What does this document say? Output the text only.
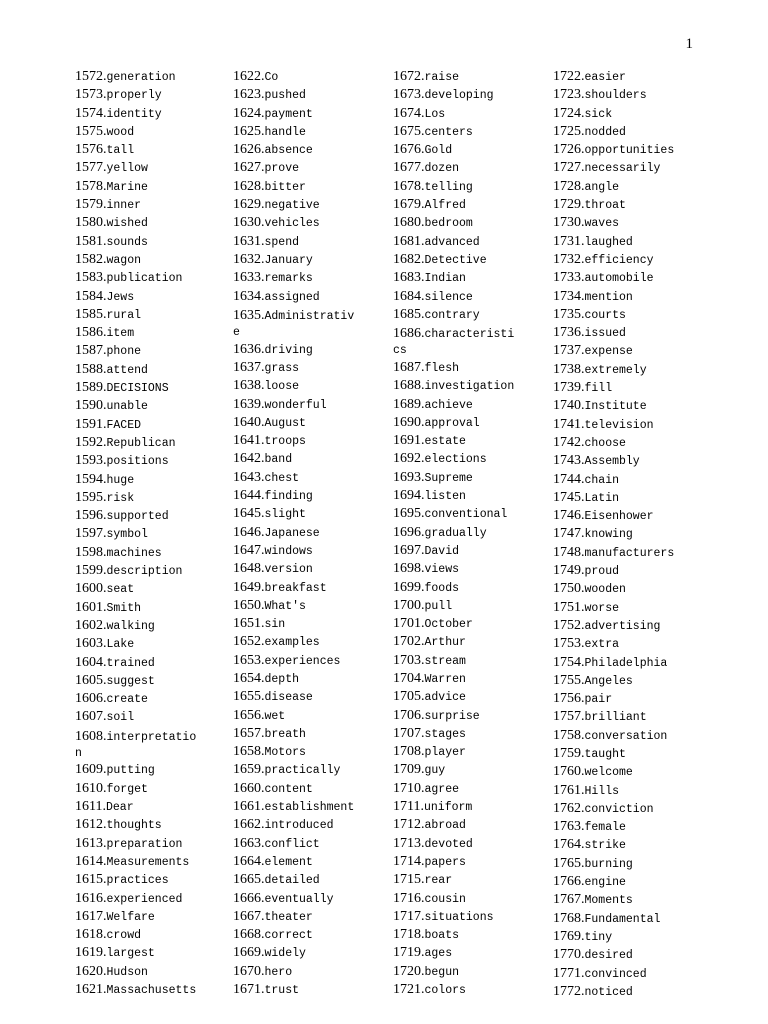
1
1572. generation
1573. properly
1574. identity
1575. wood
1576. tall
1577. yellow
1578. Marine
1579. inner
1580. wished
1581. sounds
1582. wagon
1583. publication
1584. Jews
1585. rural
1586. item
1587. phone
1588. attend
1589. DECISIONS
1590. unable
1591. FACED
1592. Republican
1593. positions
1594. huge
1595. risk
1596. supported
1597. symbol
1598. machines
1599. description
1600. seat
1601. Smith
1602. walking
1603. Lake
1604. trained
1605. suggest
1606. create
1607. soil
1608.interpretatio
n
1609. putting
1610. forget
1611. Dear
1612. thoughts
1613. preparation
1614. Measurements
1615. practices
1616. experienced
1617. Welfare
1618. crowd
1619. largest
1620. Hudson
1621. Massachusetts
1622. Co
1623. pushed
1624. payment
1625. handle
1626. absence
1627. prove
1628. bitter
1629. negative
1630. vehicles
1631. spend
1632. January
1633. remarks
1634. assigned
1635.Administrativ
e
1636. driving
1637. grass
1638. loose
1639. wonderful
1640. August
1641. troops
1642. band
1643. chest
1644. finding
1645. slight
1646. Japanese
1647. windows
1648. version
1649. breakfast
1650. What's
1651. sin
1652. examples
1653. experiences
1654. depth
1655. disease
1656. wet
1657. breath
1658. Motors
1659. practically
1660. content
1661. establishment
1662. introduced
1663. conflict
1664. element
1665. detailed
1666. eventually
1667. theater
1668. correct
1669. widely
1670. hero
1671. trust
1672. raise
1673. developing
1674. Los
1675. centers
1676. Gold
1677. dozen
1678. telling
1679. Alfred
1680. bedroom
1681. advanced
1682. Detective
1683. Indian
1684. silence
1685. contrary
1686.characteristi
cs
1687. flesh
1688. investigation
1689. achieve
1690. approval
1691. estate
1692. elections
1693. Supreme
1694. listen
1695. conventional
1696. gradually
1697. David
1698. views
1699. foods
1700. pull
1701. October
1702. Arthur
1703. stream
1704. Warren
1705. advice
1706. surprise
1707. stages
1708. player
1709. guy
1710. agree
1711. uniform
1712. abroad
1713. devoted
1714. papers
1715. rear
1716. cousin
1717. situations
1718. boats
1719. ages
1720. begun
1721. colors
1722. easier
1723. shoulders
1724. sick
1725. nodded
1726. opportunities
1727. necessarily
1728. angle
1729. throat
1730. waves
1731. laughed
1732. efficiency
1733. automobile
1734. mention
1735. courts
1736. issued
1737. expense
1738. extremely
1739. fill
1740. Institute
1741. television
1742. choose
1743. Assembly
1744. chain
1745. Latin
1746. Eisenhower
1747. knowing
1748. manufacturers
1749. proud
1750. wooden
1751. worse
1752. advertising
1753. extra
1754. Philadelphia
1755. Angeles
1756. pair
1757. brilliant
1758. conversation
1759. taught
1760. welcome
1761. Hills
1762. conviction
1763. female
1764. strike
1765. burning
1766. engine
1767. Moments
1768. Fundamental
1769. tiny
1770. desired
1771. convinced
1772. noticed
